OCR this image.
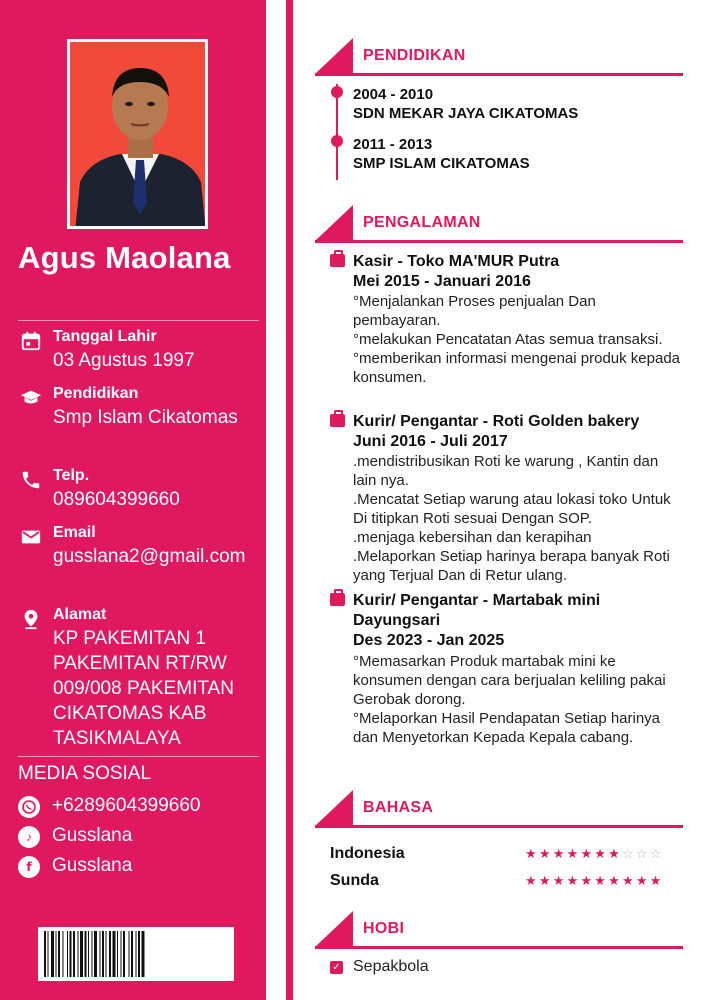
Agus Maolana
Tanggal Lahir
03 Agustus 1997
Pendidikan
Smp Islam Cikatomas
Telp.
089604399660
Email
gusslana2@gmail.com
Alamat
KP PAKEMITAN 1 PAKEMITAN RT/RW 009/008 PAKEMITAN CIKATOMAS KAB TASIKMALAYA
MEDIA SOSIAL
+6289604399660
♪	Gusslana
f	Gusslana
PENDIDIKAN
2004 - 2010
SDN MEKAR JAYA CIKATOMAS
2011 - 2013
SMP ISLAM CIKATOMAS
PENGALAMAN
Kasir - Toko MA'MUR Putra
Mei 2015 - Januari 2016
°Menjalankan Proses penjualan Dan pembayaran.
°melakukan Pencatatan Atas semua transaksi.
°memberikan informasi mengenai produk kepada konsumen.
Kurir/ Pengantar - Roti Golden bakery
Juni 2016 - Juli 2017
.mendistribusikan Roti ke warung , Kantin dan lain nya.
.Mencatat Setiap warung atau lokasi toko Untuk Di titipkan Roti sesuai Dengan SOP.
.menjaga kebersihan dan kerapihan
.Melaporkan Setiap harinya berapa banyak Roti yang Terjual Dan di Retur ulang.
Kurir/ Pengantar - Martabak mini Dayungsari
Des 2023 - Jan 2025
°Memasarkan Produk martabak mini ke konsumen dengan cara berjualan keliling pakai Gerobak dorong.
°Melaporkan Hasil Pendapatan Setiap harinya dan Menyetorkan Kepada Kepala cabang.
BAHASA
Indonesia	★★★★★★★☆☆☆
Sunda	★★★★★★★★★★
HOBI
✓ Sepakbola
